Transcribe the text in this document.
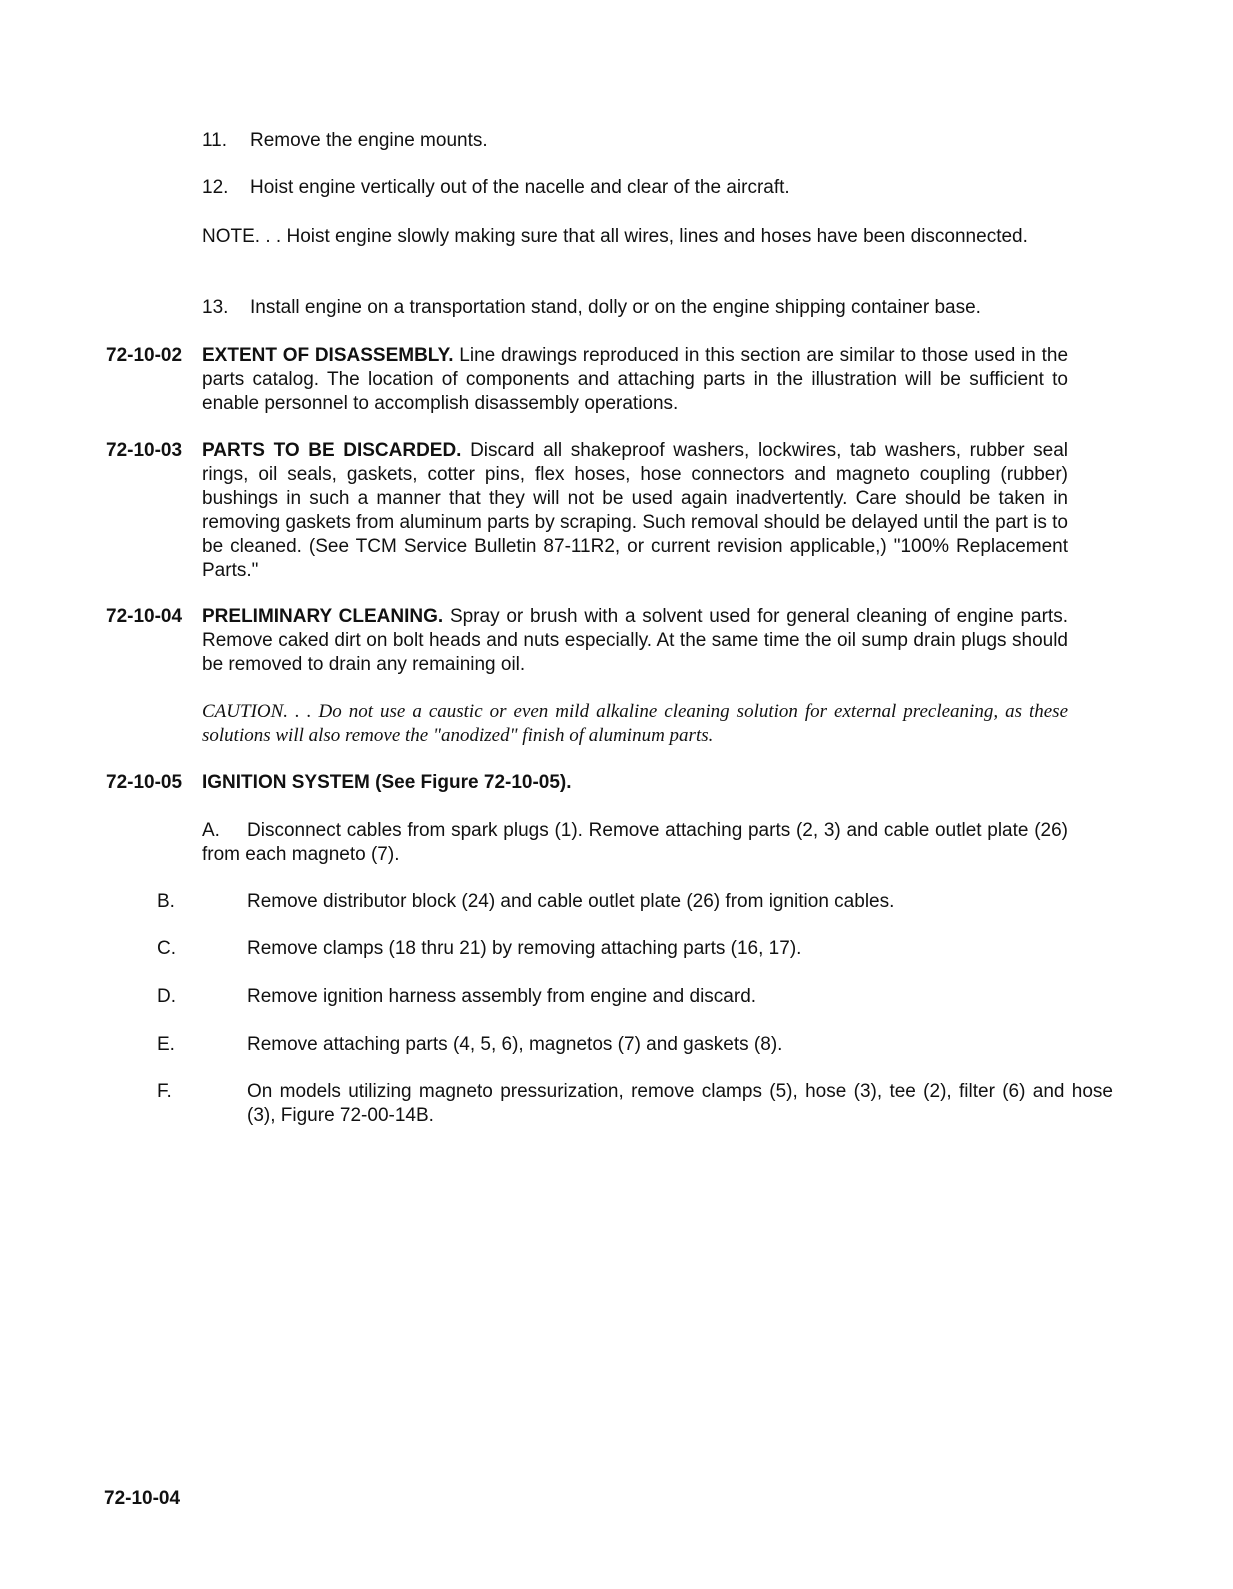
11. Remove the engine mounts.
12. Hoist engine vertically out of the nacelle and clear of the aircraft.
NOTE. . . Hoist engine slowly making sure that all wires, lines and hoses have been disconnected.
13. Install engine on a transportation stand, dolly or on the engine shipping container base.
72-10-02	EXTENT OF DISASSEMBLY. Line drawings reproduced in this section are similar to those used in the parts catalog. The location of components and attaching parts in the illustration will be sufficient to enable personnel to accomplish disassembly operations.
72-10-03	PARTS TO BE DISCARDED. Discard all shakeproof washers, lockwires, tab washers, rubber seal rings, oil seals, gaskets, cotter pins, flex hoses, hose connectors and magneto coupling (rubber) bushings in such a manner that they will not be used again inadvertently. Care should be taken in removing gaskets from aluminum parts by scraping. Such removal should be delayed until the part is to be cleaned. (See TCM Service Bulletin 87-11R2, or current revision applicable,) "100% Replacement Parts."
72-10-04	PRELIMINARY CLEANING. Spray or brush with a solvent used for general cleaning of engine parts. Remove caked dirt on bolt heads and nuts especially. At the same time the oil sump drain plugs should be removed to drain any remaining oil.
CAUTION. . . Do not use a caustic or even mild alkaline cleaning solution for external precleaning, as these solutions will also remove the "anodized" finish of aluminum parts.
72-10-05	IGNITION SYSTEM (See Figure 72-10-05).
A. Disconnect cables from spark plugs (1). Remove attaching parts (2, 3) and cable outlet plate (26) from each magneto (7).
B.	Remove distributor block (24) and cable outlet plate (26) from ignition cables.
C.	Remove clamps (18 thru 21) by removing attaching parts (16, 17).
D.	Remove ignition harness assembly from engine and discard.
E.	Remove attaching parts (4, 5, 6), magnetos (7) and gaskets (8).
F.	On models utilizing magneto pressurization, remove clamps (5), hose (3), tee (2), filter (6) and hose (3), Figure 72-00-14B.
72-10-04
